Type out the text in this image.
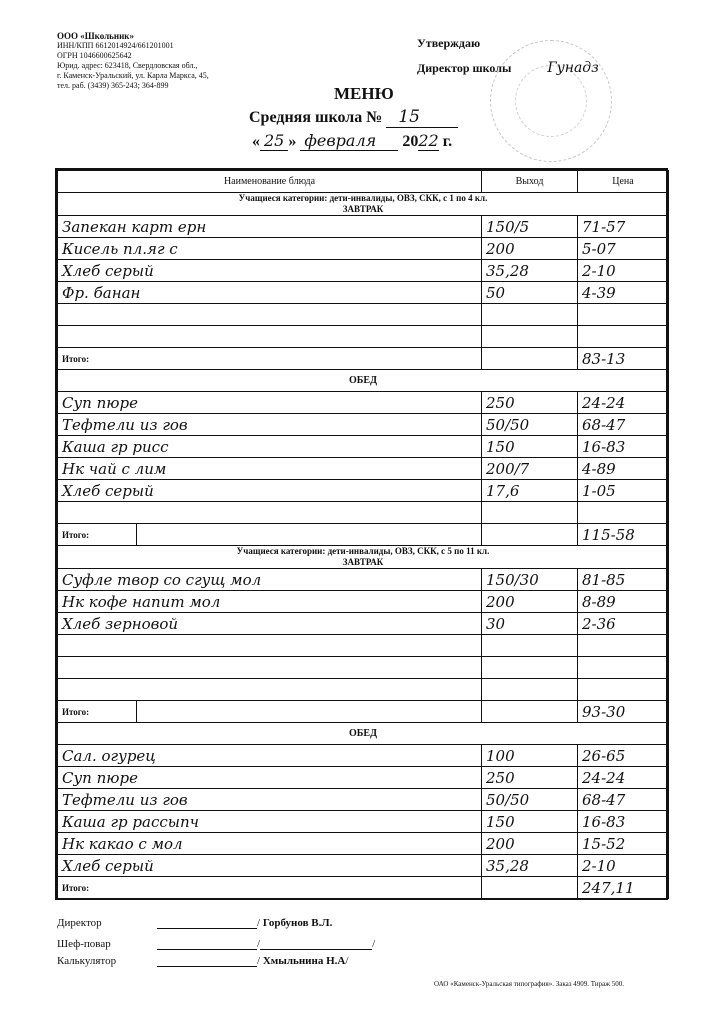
ООО «Школьник»
ИНН/КПП 6612014924/661201001
ОГРН 1046600625642
Юрид. адрес: 623418, Свердловская обл.,
г. Каменск-Уральский, ул. Карла Маркса, 45,
тел. раб. (3439) 365-243; 364-899
Утверждаю
Директор школы	Гунадз
МЕНЮ
Средняя школа № 15
« 25 » февраля 2022 г.
Наименование блюда		Выход	Цена

Учащиеся категории: дети-инвалиды, ОВЗ, СКК, с 1 по 4 кл.
ЗАВТРАК			

Запекан карт ерн		150/5	71-57
Кисель пл.яг с		200	5-07
Хлеб серый		35,28	2-10
Фр. банан		50	4-39

Итого:			83-13
ОБЕД			
Суп пюре		250	24-24
Тефтели из гов		50/50	68-47
Каша гр рисс		150	16-83
Нк чай с лим		200/7	4-89
Хлеб серый		17,6	1-05

Итого:			115-58

Учащиеся категории: дети-инвалиды, ОВЗ, СКК, с 5 по 11 кл.
ЗАВТРАК			

Суфле твор со сгущ мол		150/30	81-85
Нк кофе напит мол		200	8-89
Хлеб зерновой		30	2-36

Итого:			93-30
ОБЕД			
Сал. огурец		100	26-65
Суп пюре		250	24-24
Тефтели из гов		50/50	68-47
Каша гр рассыпч		150	16-83
Нк какао с мол		200	15-52
Хлеб серый		35,28	2-10
Итого:			247,11
Директор	/ Горбунов В.Л.
Шеф-повар	/	/
Калькулятор	/ Хмыльнина Н.А/
ОАО «Каменск-Уральская типография». Заказ 4909. Тираж 500.
